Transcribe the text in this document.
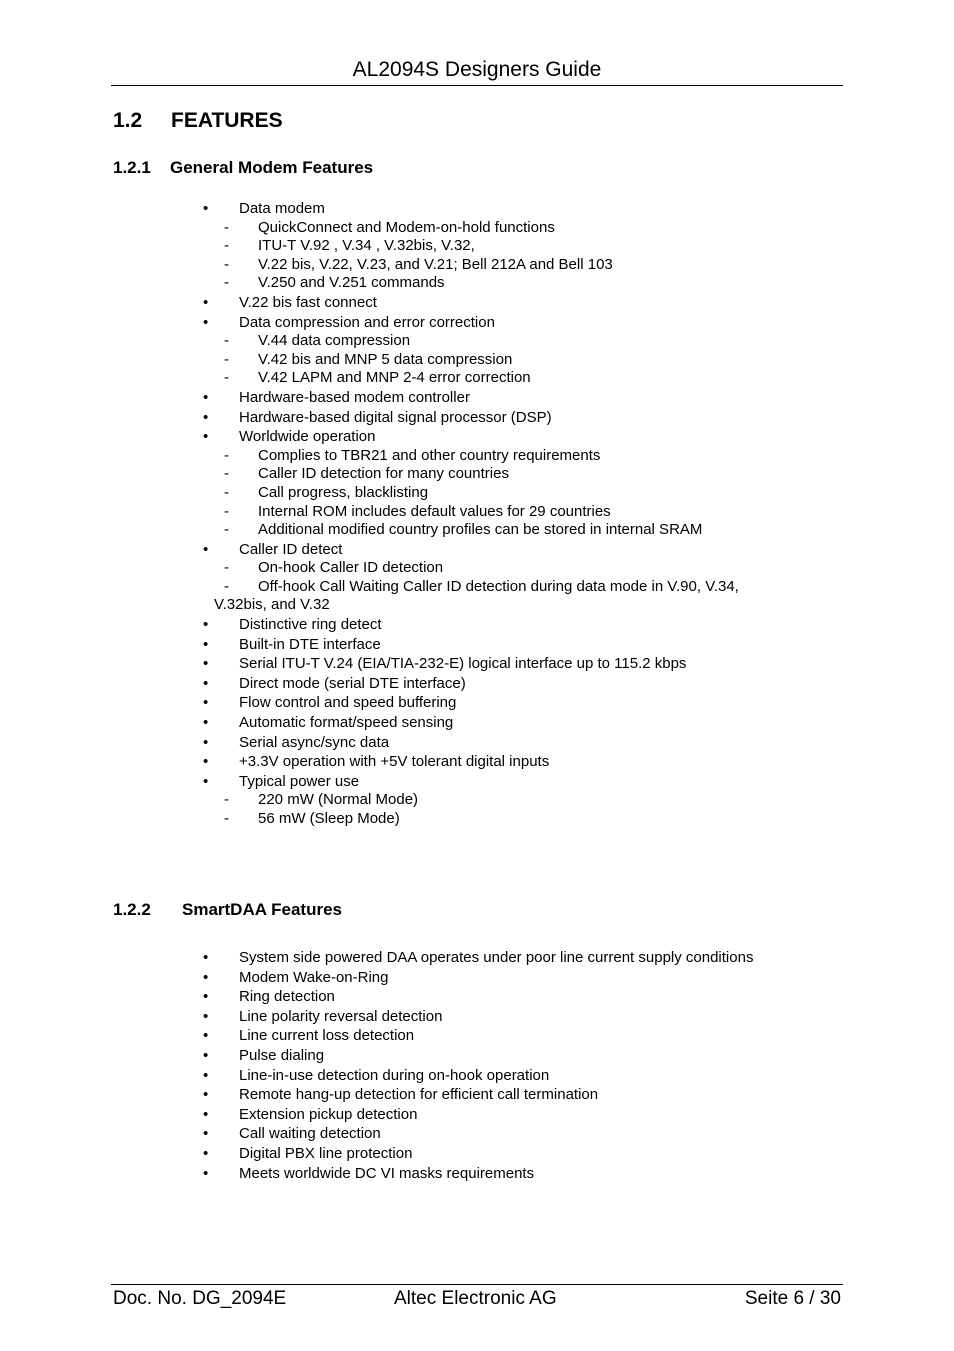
AL2094S Designers Guide
1.2 FEATURES
1.2.1 General Modem Features
• Data modem
- QuickConnect and Modem-on-hold functions
- ITU-T V.92 , V.34 , V.32bis, V.32,
- V.22 bis, V.22, V.23, and V.21; Bell 212A and Bell 103
- V.250 and V.251 commands
• V.22 bis fast connect
• Data compression and error correction
- V.44 data compression
- V.42 bis and MNP 5 data compression
- V.42 LAPM and MNP 2-4 error correction
• Hardware-based modem controller
• Hardware-based digital signal processor (DSP)
• Worldwide operation
- Complies to TBR21 and other country requirements
- Caller ID detection for many countries
- Call progress, blacklisting
- Internal ROM includes default values for 29 countries
- Additional modified country profiles can be stored in internal SRAM
• Caller ID detect
- On-hook Caller ID detection
- Off-hook Call Waiting Caller ID detection during data mode in V.90, V.34,
V.32bis, and V.32
• Distinctive ring detect
• Built-in DTE interface
• Serial ITU-T V.24 (EIA/TIA-232-E) logical interface up to 115.2 kbps
• Direct mode (serial DTE interface)
• Flow control and speed buffering
• Automatic format/speed sensing
• Serial async/sync data
• +3.3V operation with +5V tolerant digital inputs
• Typical power use
- 220 mW (Normal Mode)
- 56 mW (Sleep Mode)
1.2.2 SmartDAA Features
• System side powered DAA operates under poor line current supply conditions
• Modem Wake-on-Ring
• Ring detection
• Line polarity reversal detection
• Line current loss detection
• Pulse dialing
• Line-in-use detection during on-hook operation
• Remote hang-up detection for efficient call termination
• Extension pickup detection
• Call waiting detection
• Digital PBX line protection
• Meets worldwide DC VI masks requirements
Doc. No. DG_2094E	Altec Electronic AG	Seite 6 / 30
